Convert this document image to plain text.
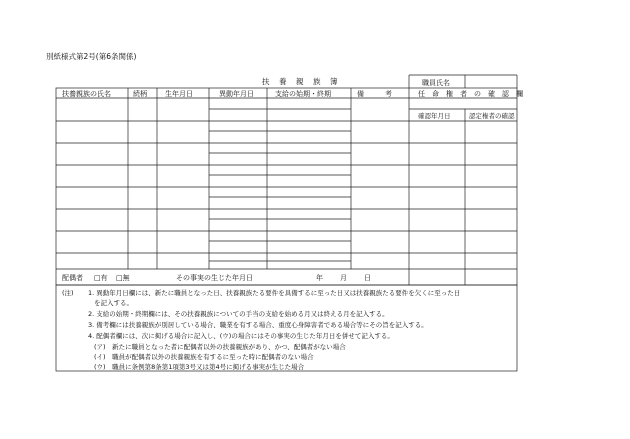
別紙様式第2号(第6条関係)
扶　養　親　族　簿	職員氏名
扶養親族の氏名	続柄	生年月日	異動年月日	支給の始期・終期	備　　　考	任　命　権　者　の　確　認　欄
確認年月日	認定権者の確認
配偶者 □有 □無	その事実の生じた年月日	年 月 日
(注) 1. 異動年月日欄には、新たに職員となった日、扶養親族たる要件を具備するに至った日又は扶養親族たる要件を欠くに至った日
を記入する。
2. 支給の始期・終期欄には、その扶養親族についての手当の支給を始める月又は終える月を記入する。
3. 備考欄には扶養親族が別居している場合、職業を有する場合、重度心身障害者である場合等にその旨を記入する。
4. 配偶者欄には、次に掲げる場合に記入し、(ウ)の場合にはその事実の生じた年月日を併せて記入する。
(ア)　新たに職員となった者に配偶者以外の扶養親族があり、かつ、配偶者がない場合
(イ)　職員が配偶者以外の扶養親族を有するに至った時に配偶者のない場合
(ウ)　職員に条例第8条第1項第3号又は第4号に掲げる事実が生じた場合
